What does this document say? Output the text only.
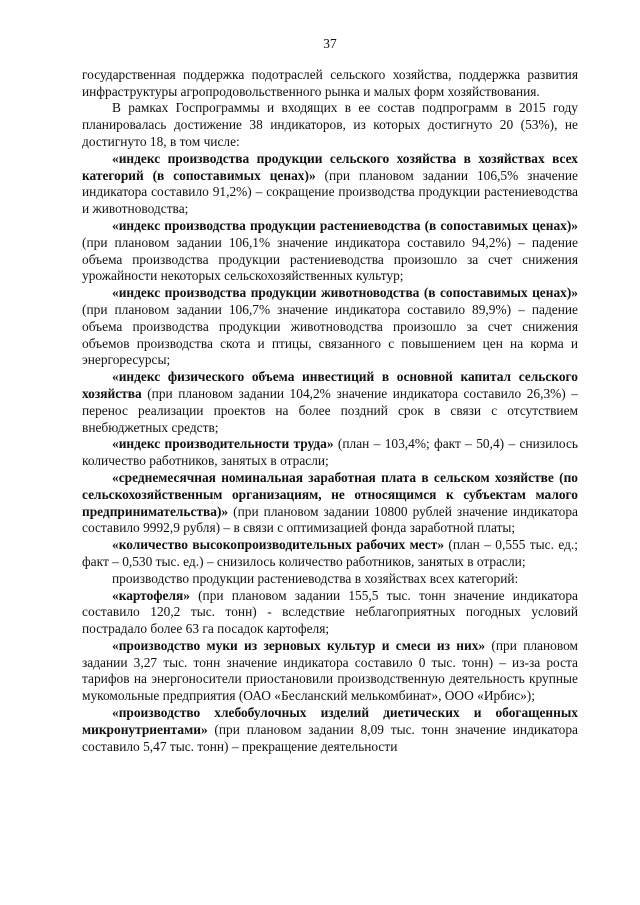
37

государственная поддержка подотраслей сельского хозяйства, поддержка развития инфраструктуры агропродовольственного рынка и малых форм хозяйствования.

В рамках Госпрограммы и входящих в ее состав подпрограмм в 2015 году планировалась достижение 38 индикаторов, из которых достигнуто 20 (53%), не достигнуто 18, в том числе:

«индекс производства продукции сельского хозяйства в хозяйствах всех категорий (в сопоставимых ценах)» (при плановом задании 106,5% значение индикатора составило 91,2%) – сокращение производства продукции растениеводства и животноводства;

«индекс производства продукции растениеводства (в сопоставимых ценах)» (при плановом задании 106,1% значение индикатора составило 94,2%) – падение объема производства продукции растениеводства произошло за счет снижения урожайности некоторых сельскохозяйственных культур;

«индекс производства продукции животноводства (в сопоставимых ценах)» (при плановом задании 106,7% значение индикатора составило 89,9%) – падение объема производства продукции животноводства произошло за счет снижения объемов производства скота и птицы, связанного с повышением цен на корма и энергоресурсы;

«индекс физического объема инвестиций в основной капитал сельского хозяйства (при плановом задании 104,2% значение индикатора составило 26,3%) – перенос реализации проектов на более поздний срок в связи с отсутствием внебюджетных средств;

«индекс производительности труда» (план – 103,4%; факт – 50,4) – снизилось количество работников, занятых в отрасли;

«среднемесячная номинальная заработная плата в сельском хозяйстве (по сельскохозяйственным организациям, не относящимся к субъектам малого предпринимательства)» (при плановом задании 10800 рублей значение индикатора составило 9992,9 рубля) – в связи с оптимизацией фонда заработной платы;

«количество высокопроизводительных рабочих мест» (план – 0,555 тыс. ед.; факт – 0,530 тыс. ед.) – снизилось количество работников, занятых в отрасли;

производство продукции растениеводства в хозяйствах всех категорий:

«картофеля» (при плановом задании 155,5 тыс. тонн значение индикатора составило 120,2 тыс. тонн) - вследствие неблагоприятных погодных условий пострадало более 63 га посадок картофеля;

«производство муки из зерновых культур и смеси из них» (при плановом задании 3,27 тыс. тонн значение индикатора составило 0 тыс. тонн) – из-за роста тарифов на энергоносители приостановили производственную деятельность крупные мукомольные предприятия (ОАО «Бесланский мелькомбинат», ООО «Ирбис»);

«производство хлебобулочных изделий диетических и обогащенных микронутриентами» (при плановом задании 8,09 тыс. тонн значение индикатора составило 5,47 тыс. тонн) – прекращение деятельности
